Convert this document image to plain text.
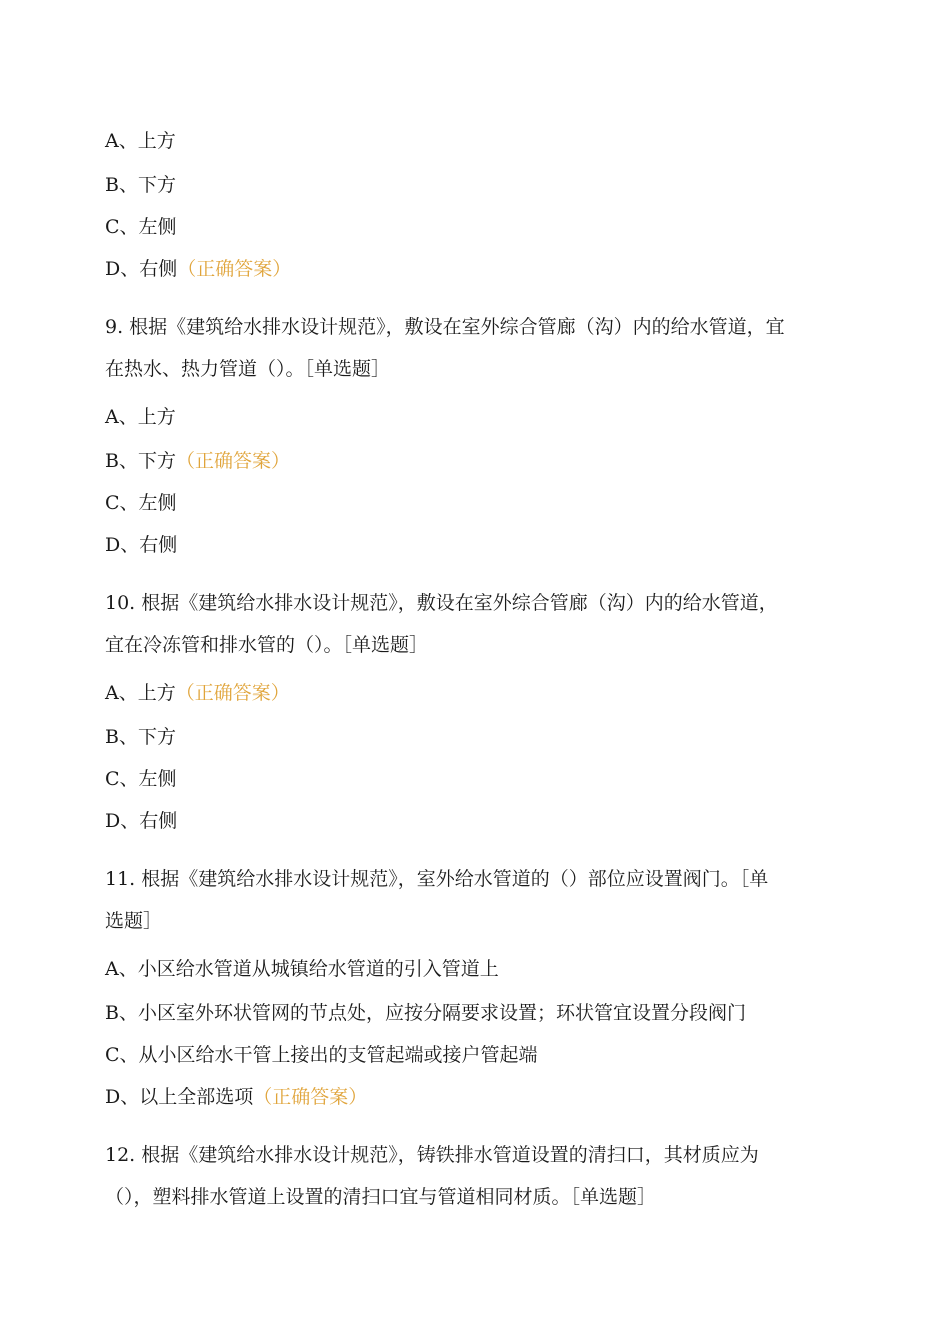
A、上方
B、下方
C、左侧
D、右侧（正确答案）
9. 根据《建筑给水排水设计规范》，敷设在室外综合管廊（沟）内的给水管道，宜
在热水、热力管道（）。［单选题］
A、上方
B、下方（正确答案）
C、左侧
D、右侧
10. 根据《建筑给水排水设计规范》，敷设在室外综合管廊（沟）内的给水管道，
宜在冷冻管和排水管的（）。［单选题］
A、上方（正确答案）
B、下方
C、左侧
D、右侧
11. 根据《建筑给水排水设计规范》，室外给水管道的（）部位应设置阀门。［单
选题］
A、小区给水管道从城镇给水管道的引入管道上
B、小区室外环状管网的节点处，应按分隔要求设置；环状管宜设置分段阀门
C、从小区给水干管上接出的支管起端或接户管起端
D、以上全部选项（正确答案）
12. 根据《建筑给水排水设计规范》，铸铁排水管道设置的清扫口，其材质应为
（），塑料排水管道上设置的清扫口宜与管道相同材质。［单选题］
